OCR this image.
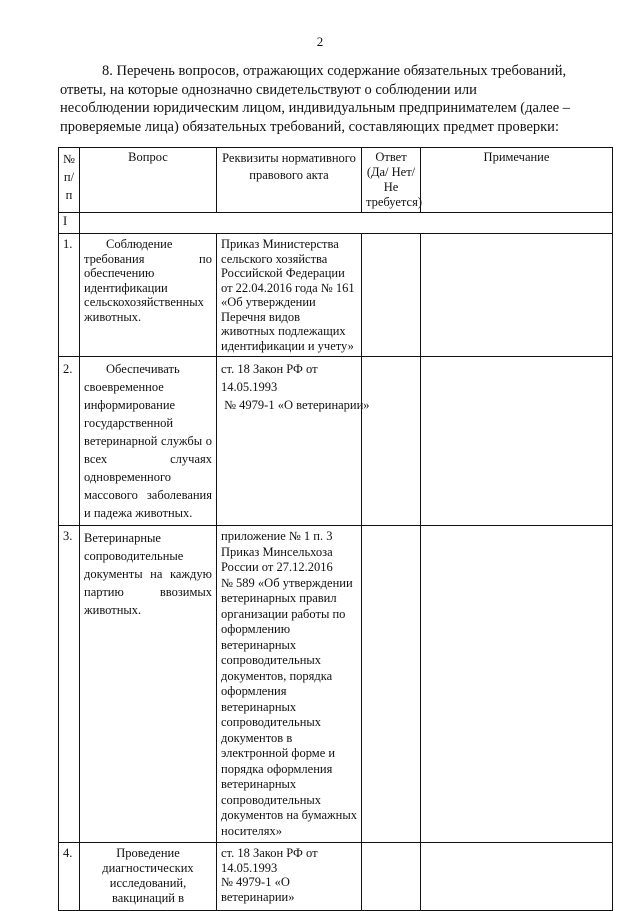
2

8. Перечень вопросов, отражающих содержание обязательных требований,
ответы, на которые однозначно свидетельствуют о соблюдении или
несоблюдении юридическим лицом, индивидуальным предпринимателем (далее –
проверяемые лица) обязательных требований, составляющих предмет проверки:

№ п/п	Вопрос	Реквизиты нормативного правового акта	Ответ (Да/ Нет/ Не требуется)	Примечание
I				
1.	Соблюдение требования по обеспечению идентификации сельскохозяйственных животных.	Приказ Министерства сельского хозяйства Российской Федерации от 22.04.2016 года № 161 «Об утверждении Перечня видов животных подлежащих идентификации и учету»		
2.	Обеспечивать своевременное информирование государственной ветеринарной службы о всех случаях одновременного массового заболевания и падежа животных.	ст. 18 Закон РФ от
14.05.1993
№ 4979-1 «О ветеринарии»		

3.	Ветеринарные сопроводительные документы на каждую партию ввозимых животных.	приложение № 1 п. 3
Приказ Минсельхоза
России от 27.12.2016
№ 589 «Об утверждении ветеринарных правил организации работы по оформлению ветеринарных сопроводительных документов, порядка оформления ветеринарных сопроводительных документов в электронной форме и порядка оформления ветеринарных сопроводительных документов на бумажных носителях»		

4.	Проведение диагностических исследований, вакцинаций в	ст. 18 Закон РФ от
14.05.1993
№ 4979-1 «О ветеринарии»		
